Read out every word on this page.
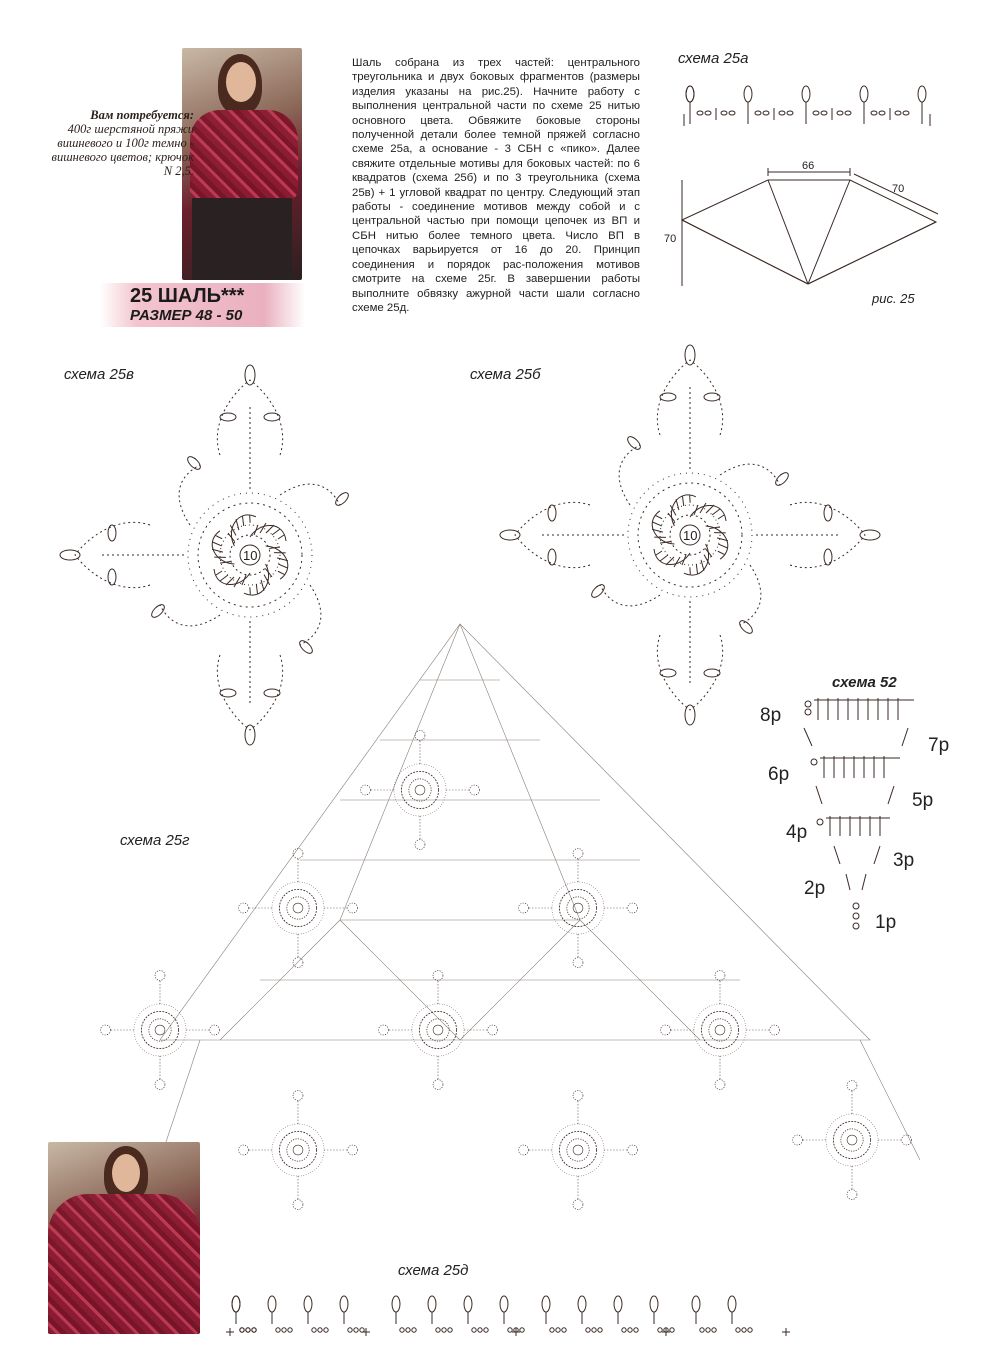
Вам потребуется:
400г шерстяной пряжи вишневого и 100г темно - вишневого цветов; крючок N 2,5.
25 ШАЛЬ***
РАЗМЕР 48 - 50
Шаль собрана из трех частей: центрального треугольника и двух боковых фрагментов (размеры изделия указаны на рис.25). Начните работу с выполнения центральной части по схеме 25 нитью основного цвета. Обвяжите боковые стороны полученной детали более темной пряжей согласно схеме 25а, а основание - 3 СБН с «пико». Далее свяжите отдельные мотивы для боковых частей: по 6 квадратов (схема 25б) и по 3 треугольника (схема 25в) + 1 угловой квадрат по центру. Следующий этап работы - соединение мотивов между собой и с центральной частью при помощи цепочек из ВП и СБН нитью более темного цвета. Число ВП в цепочках варьируется от 16 до 20. Принцип соединения и порядок рас-положения мотивов смотрите на схеме 25г. В завершении работы выполните обвязку ажурной части шали согласно схеме 25д.
схема 25а
66
70
70
рис. 25
схема 25в	схема 25б
10
10
схема 52
8р
7р
6р
5р
4р
3р
2р
1р
схема 25г
схема 25д
